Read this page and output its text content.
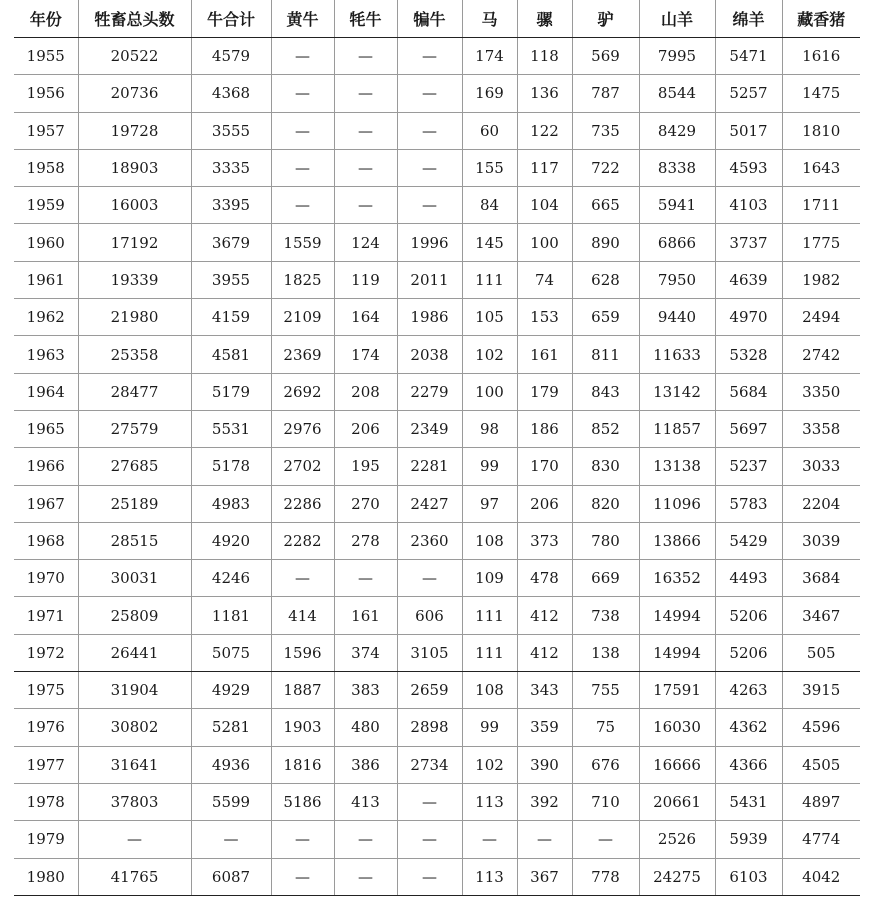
年份	牲畜总头数	牛合计	黄牛	牦牛	犏牛	马	骡	驴	山羊	绵羊	藏香猪
1955	20522	4579	—	—	—	174	118	569	7995	5471	1616
1956	20736	4368	—	—	—	169	136	787	8544	5257	1475
1957	19728	3555	—	—	—	60	122	735	8429	5017	1810
1958	18903	3335	—	—	—	155	117	722	8338	4593	1643
1959	16003	3395	—	—	—	84	104	665	5941	4103	1711
1960	17192	3679	1559	124	1996	145	100	890	6866	3737	1775
1961	19339	3955	1825	119	2011	111	74	628	7950	4639	1982
1962	21980	4159	2109	164	1986	105	153	659	9440	4970	2494
1963	25358	4581	2369	174	2038	102	161	811	11633	5328	2742
1964	28477	5179	2692	208	2279	100	179	843	13142	5684	3350
1965	27579	5531	2976	206	2349	98	186	852	11857	5697	3358
1966	27685	5178	2702	195	2281	99	170	830	13138	5237	3033
1967	25189	4983	2286	270	2427	97	206	820	11096	5783	2204
1968	28515	4920	2282	278	2360	108	373	780	13866	5429	3039
1970	30031	4246	—	—	—	109	478	669	16352	4493	3684
1971	25809	1181	414	161	606	111	412	738	14994	5206	3467
1972	26441	5075	1596	374	3105	111	412	138	14994	5206	505
1975	31904	4929	1887	383	2659	108	343	755	17591	4263	3915
1976	30802	5281	1903	480	2898	99	359	75	16030	4362	4596
1977	31641	4936	1816	386	2734	102	390	676	16666	4366	4505
1978	37803	5599	5186	413	—	113	392	710	20661	5431	4897
1979	—	—	—	—	—	—	—	—	2526	5939	4774
1980	41765	6087	—	—	—	113	367	778	24275	6103	4042
